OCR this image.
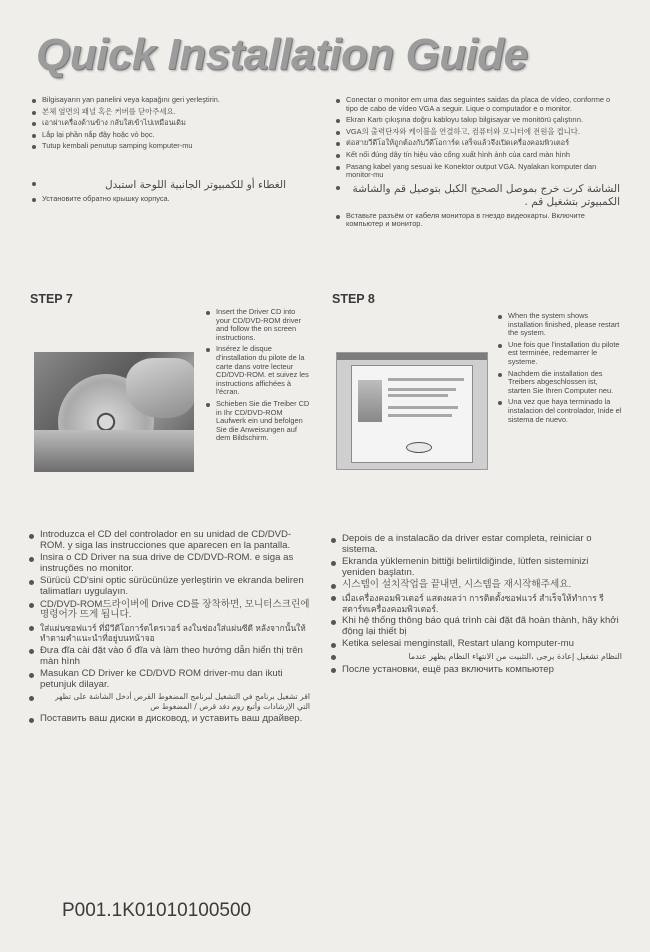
Quick Installation Guide
Bilgisayarın yan panelini veya kapağını geri yerleştirin.
본체 옆면의 패널 혹은 커버를 닫아주세요.
เอาฝาเครื่องด้านข้าง กลับใส่เข้าไปเหมือนเดิม
Lắp lại phần nắp đậy hoặc vỏ bọc.
Tutup kembali penutup samping komputer-mu
الغطاء أو للكمبيوتر الجانبية اللوحة استبدل
Установите обратно крышку корпуса.
Conectar o monitor em uma das seguintes saidas da placa de vídeo, conforme o tipo de cabo de vídeo VGA a seguir. Lique o computador e o monitor.
Ekran Kartı çıkışına doğru kabloyu takıp bilgisayar ve monitörü çalıştırın.
VGA의 출력단자와 케이블을 연결하고, 컴퓨터와 모니터에 전원을 켭니다.
ต่อสายวีดีโอให้ถูกต้องกับวีดีโอการ์ด เสร็จแล้วจึงเปิดเครื่องคอมพิวเตอร์
Kết nối đúng dây tín hiệu vào cổng xuất hình ảnh của card màn hình
Pasang kabel yang sesuai ke Konektor output VGA. Nyalakan komputer dan monitor-mu
الشاشة كرت خرج بموصل الصحيح الكبل بتوصيل قم والشاشة الكمبيوتر بتشغيل قم .
Вставьте разъём от кабеля монитора в гнездо видеокарты. Включите компьютер и монитор.
STEP 7
Insert the Driver CD into your CD/DVD-ROM driver and follow the on screen instructions.
Insérez le disque d'installation du pilote de la carte dans votre lecteur CD/DVD-ROM. et suivez les instructions affichées à l'écran.
Schieben Sie die Treiber CD in Ihr CD/DVD-ROM Laufwerk ein und befolgen Sie die Anweisungen auf dem Bildschirm.
STEP 8
When the system shows installation finished, please restart the system.
Une fois que l'installation du pilote est terminée, redemarrer le systeme.
Nachdem die installation des Treibers abgeschlossen ist, starten Sie Ihren Computer neu.
Una vez que haya terminado la instalacion del controlador, Inide el sistema de nuevo.
Introduzca el CD del controlador en su unidad de CD/DVD-ROM. y siga las instrucciones que aparecen en la pantalla.
Insira o CD Driver na sua drive de CD/DVD-ROM. e siga as instruções no monitor.
Sürücü CD'sini optic sürücünüze yerleştirin ve ekranda beliren talimatları uygulayın.
CD/DVD-ROM드라이버에 Drive CD를 장착하면, 모니터스크린에 명령어가 뜨게 됩니다.
ใส่แผ่นซอฟแวร์ ที่มีวีดีโอการ์ดไดรเวอร์ ลงในช่องใส่แผ่นซีดี หลังจากนั้นให้ทำตามคำแนะนำที่อยู่บนหน้าจอ
Đưa đĩa cài đặt vào ổ đĩa và làm theo hướng dẫn hiển thị trên màn hình
Masukan CD Driver ke CD/DVD ROM driver-mu dan ikuti petunjuk dilayar.
اقر تشغيل برنامج في التشغيل لبرنامج المضغوط القرص أدخل الشاشة على تظهر التي الإرشادات وأتبع روم دفد قرص / المضغوط ص
Поставить ваш диски в дисковод, и уставить ваш драйвер.
Depois de a instalacão da driver estar completa, reiniciar o sistema.
Ekranda yüklemenin bittiği belirtildiğinde, lütfen sisteminizi yeniden başlatın.
시스템이 설치작업을 끝내면, 시스템을 재시작해주세요.
เมื่อเครื่องคอมพิวเตอร์ แสดงผลว่า การติดตั้งซอฟแวร์ สำเร็จให้ทำการ รีสตาร์ทเครื่องคอมพิวเตอร์.
Khi hệ thống thông báo quá trình cài đặt đã hoàn thành, hãy khởi động lại thiết bị
Ketika selesai menginstall, Restart ulang komputer-mu
النظام تشغيل إعادة يرجى ،التثبيت من الانتهاء النظام يظهر عندما
После установки, ещё раз включить компьютер

P001.1K01010100500
